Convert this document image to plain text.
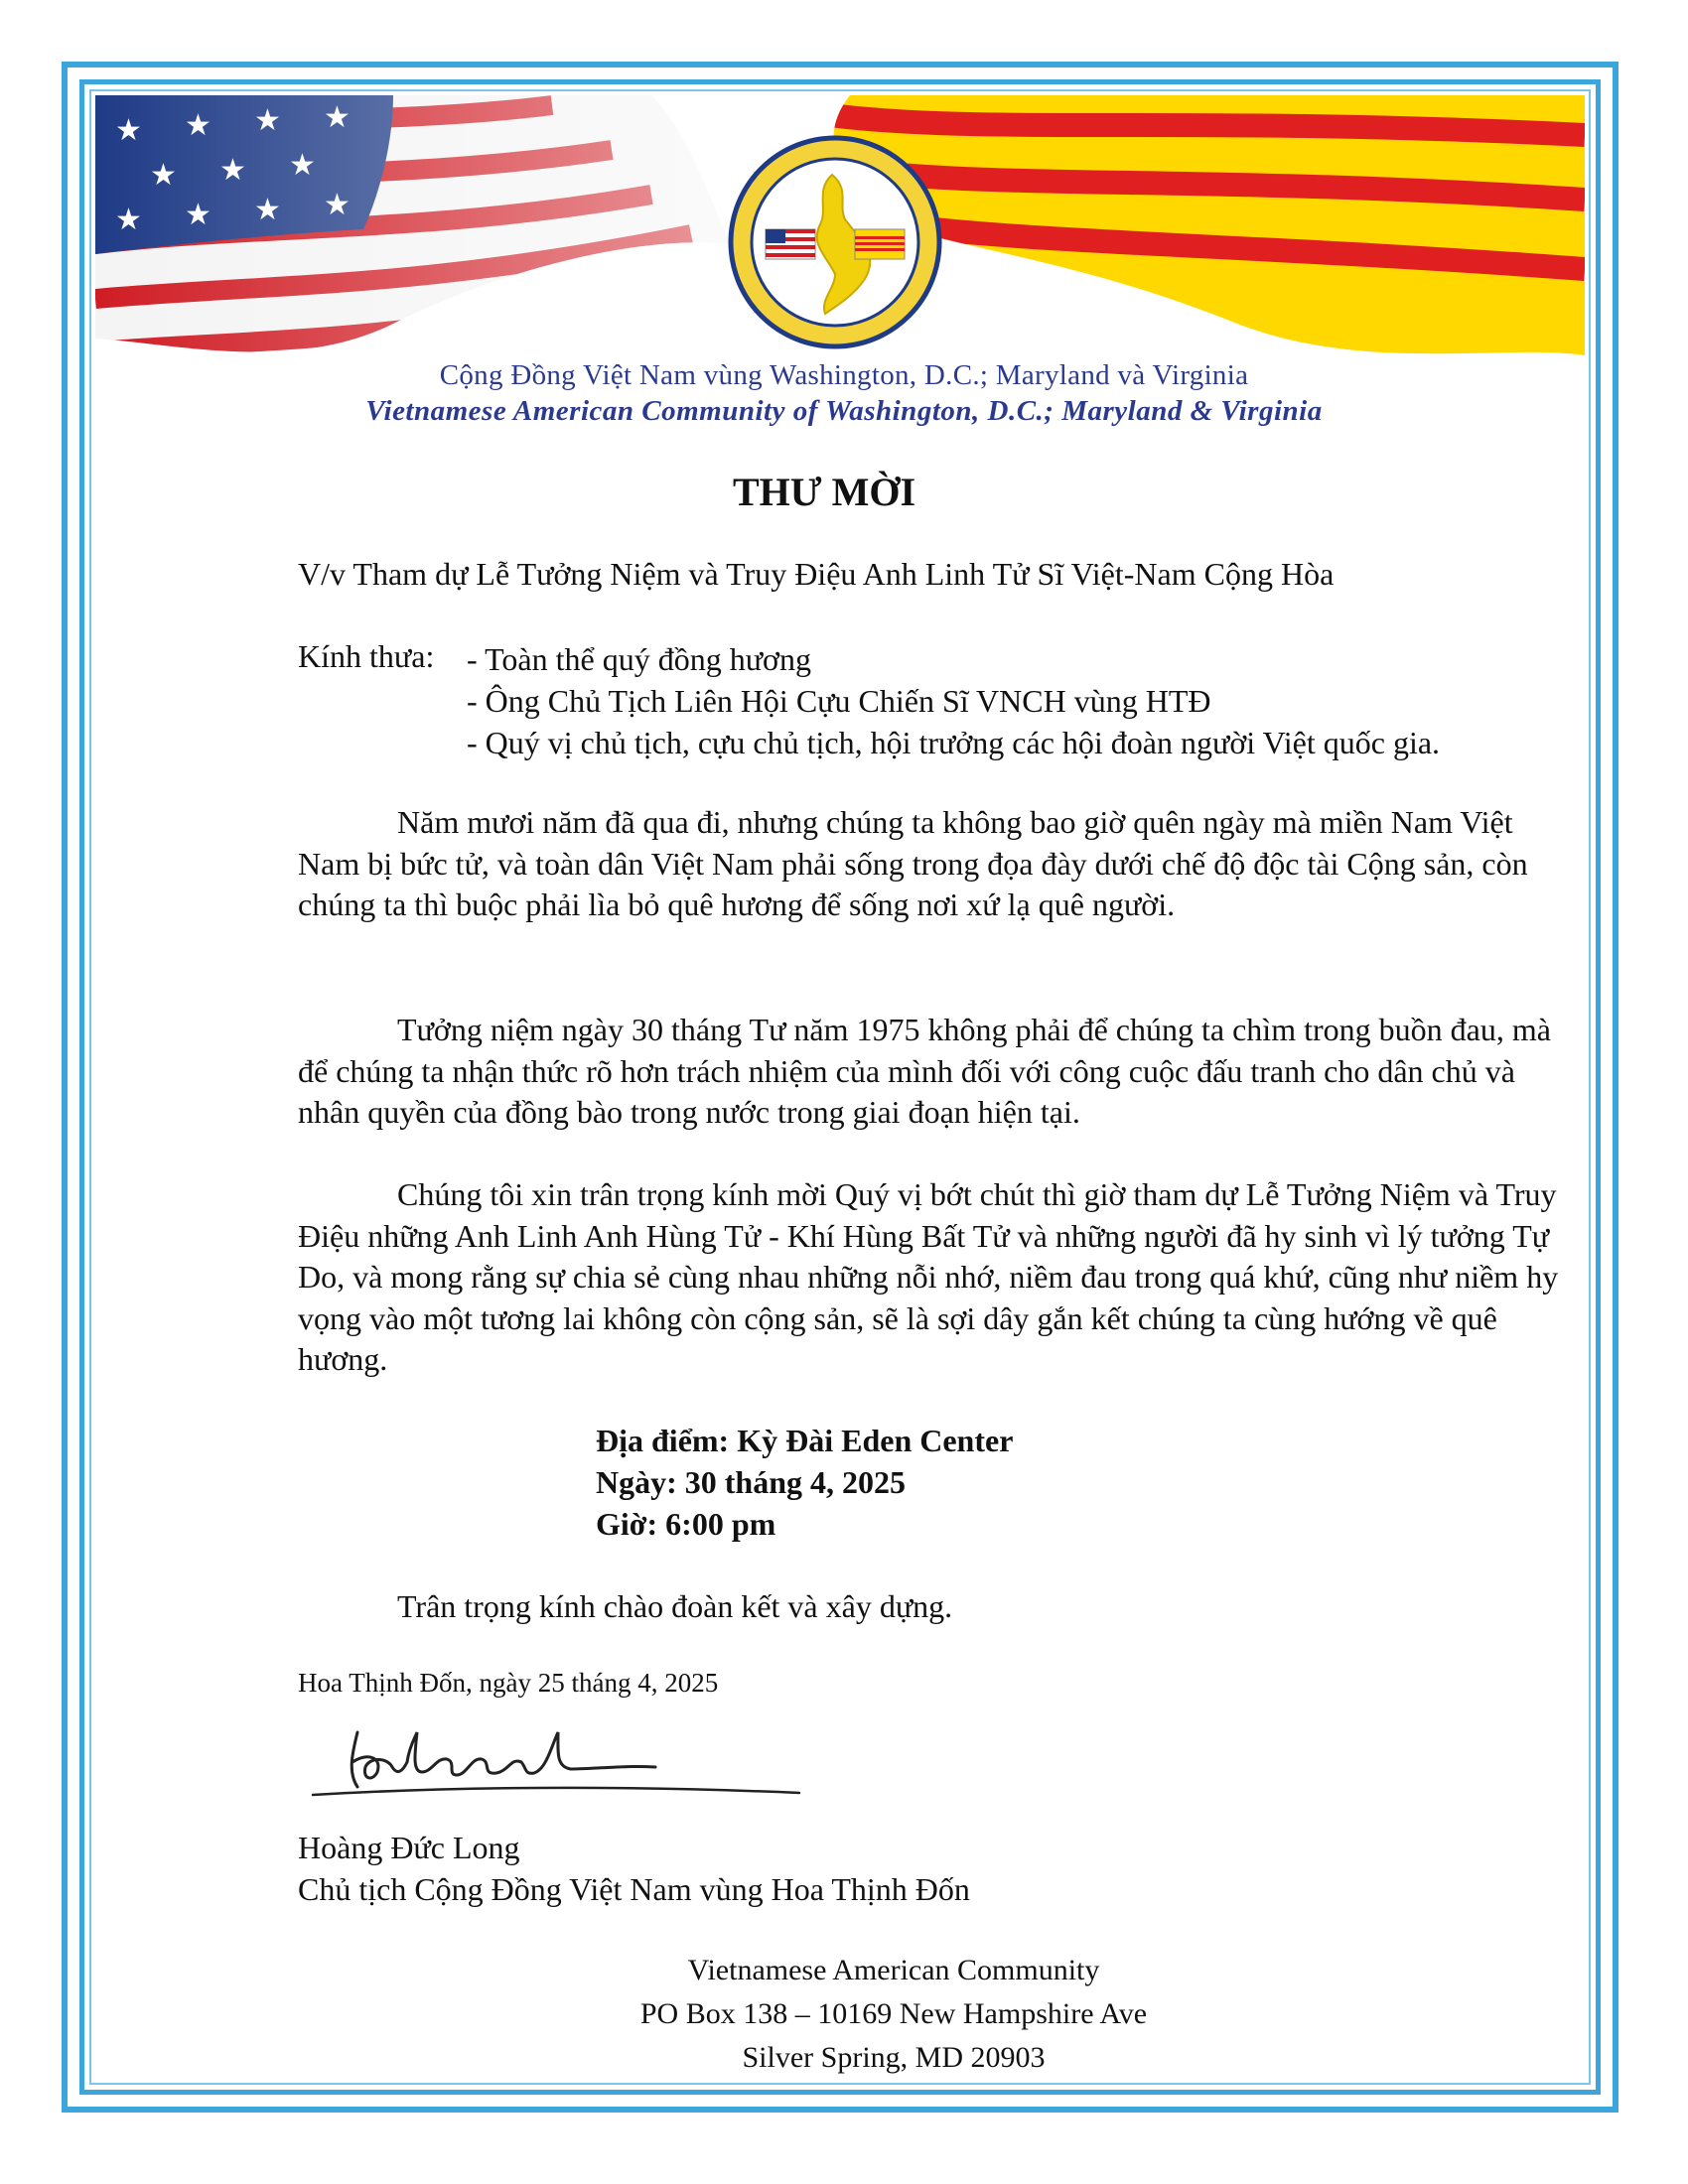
Cộng Đồng Việt Nam vùng Washington, D.C.; Maryland và Virginia
Vietnamese American Community of Washington, D.C.; Maryland & Virginia
THƯ MỜI
V/v Tham dự Lễ Tưởng Niệm và Truy Điệu Anh Linh Tử Sĩ Việt-Nam Cộng Hòa
Kính thưa: - Toàn thể quý đồng hương
- Ông Chủ Tịch Liên Hội Cựu Chiến Sĩ VNCH vùng HTĐ
- Quý vị chủ tịch, cựu chủ tịch, hội trưởng các hội đoàn người Việt quốc gia.

Năm mươi năm đã qua đi, nhưng chúng ta không bao giờ quên ngày mà miền Nam Việt Nam bị bức tử, và toàn dân Việt Nam phải sống trong đọa đày dưới chế độ độc tài Cộng sản, còn chúng ta thì buộc phải lìa bỏ quê hương để sống nơi xứ lạ quê người.

Tưởng niệm ngày 30 tháng Tư năm 1975 không phải để chúng ta chìm trong buồn đau, mà để chúng ta nhận thức rõ hơn trách nhiệm của mình đối với công cuộc đấu tranh cho dân chủ và nhân quyền của đồng bào trong nước trong giai đoạn hiện tại.

Chúng tôi xin trân trọng kính mời Quý vị bớt chút thì giờ tham dự Lễ Tưởng Niệm và Truy Điệu những Anh Linh Anh Hùng Tử - Khí Hùng Bất Tử và những người đã hy sinh vì lý tưởng Tự Do, và mong rằng sự chia sẻ cùng nhau những nỗi nhớ, niềm đau trong quá khứ, cũng như niềm hy vọng vào một tương lai không còn cộng sản, sẽ là sợi dây gắn kết chúng ta cùng hướng về quê hương.

Địa điểm: Kỳ Đài Eden Center
Ngày: 30 tháng 4, 2025
Giờ: 6:00 pm
Trân trọng kính chào đoàn kết và xây dựng.
Hoa Thịnh Đốn, ngày 25 tháng 4, 2025
Hoàng Đức Long
Chủ tịch Cộng Đồng Việt Nam vùng Hoa Thịnh Đốn
Vietnamese American Community
PO Box 138 – 10169 New Hampshire Ave
Silver Spring, MD 20903
